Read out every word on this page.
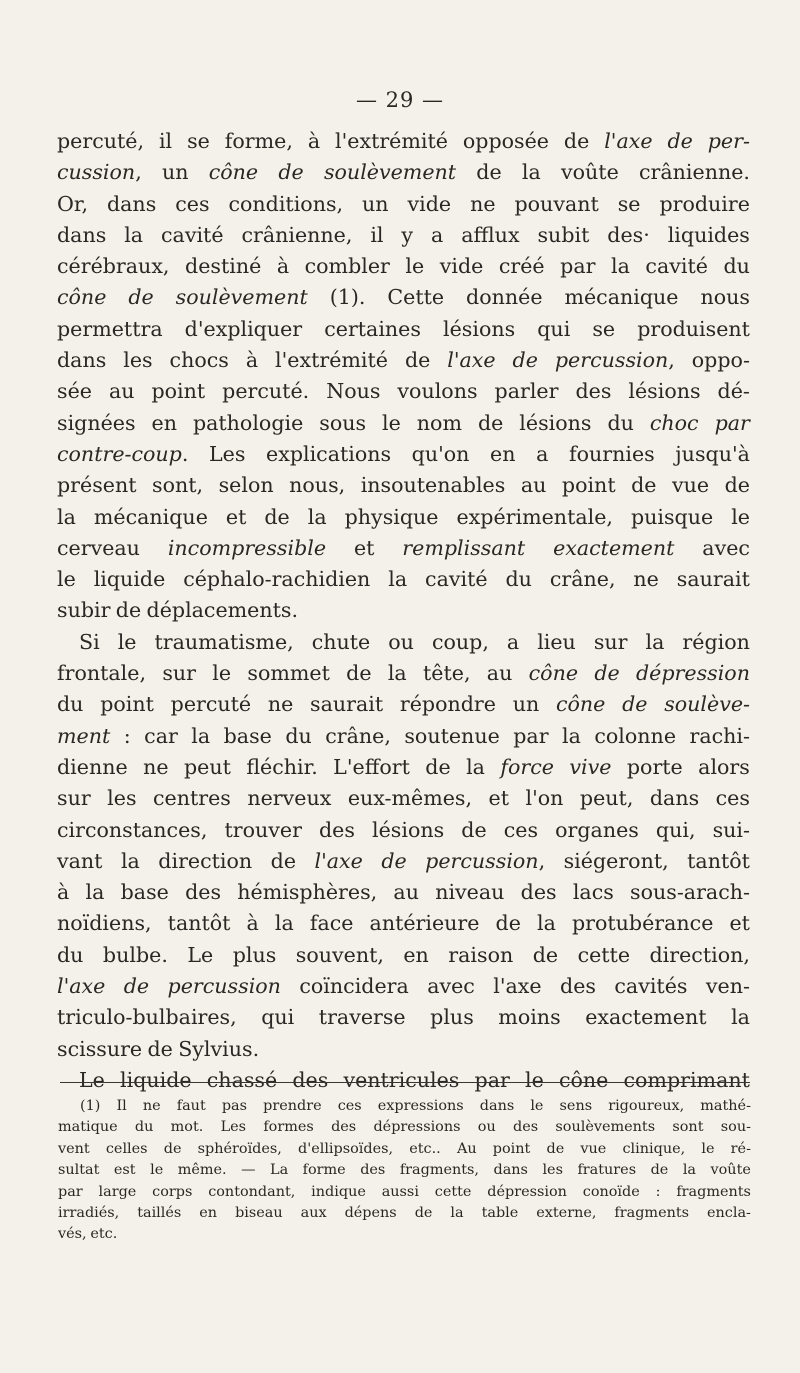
— 29 —
percuté, il se forme, à l'extrémité opposée de l'axe de per-
cussion, un cône de soulèvement de la voûte crânienne.
Or, dans ces conditions, un vide ne pouvant se produire
dans la cavité crânienne, il y a afflux subit des· liquides
cérébraux, destiné à combler le vide créé par la cavité du
cône de soulèvement (1). Cette donnée mécanique nous
permettra d'expliquer certaines lésions qui se produisent
dans les chocs à l'extrémité de l'axe de percussion, oppo-
sée au point percuté. Nous voulons parler des lésions dé-
signées en pathologie sous le nom de lésions du choc par
contre-coup. Les explications qu'on en a fournies jusqu'à
présent sont, selon nous, insoutenables au point de vue de
la mécanique et de la physique expérimentale, puisque le
cerveau incompressible et remplissant exactement avec
le liquide céphalo-rachidien la cavité du crâne, ne saurait
subir de déplacements.
Si le traumatisme, chute ou coup, a lieu sur la région
frontale, sur le sommet de la tête, au cône de dépression
du point percuté ne saurait répondre un cône de soulève-
ment : car la base du crâne, soutenue par la colonne rachi-
dienne ne peut fléchir. L'effort de la force vive porte alors
sur les centres nerveux eux-mêmes, et l'on peut, dans ces
circonstances, trouver des lésions de ces organes qui, sui-
vant la direction de l'axe de percussion, siégeront, tantôt
à la base des hémisphères, au niveau des lacs sous-arach-
noïdiens, tantôt à la face antérieure de la protubérance et
du bulbe. Le plus souvent, en raison de cette direction,
l'axe de percussion coïncidera avec l'axe des cavités ven-
triculo-bulbaires, qui traverse plus moins exactement la
scissure de Sylvius.
Le liquide chassé des ventricules par le cône comprimant
(1) Il ne faut pas prendre ces expressions dans le sens rigoureux, mathé-
matique du mot. Les formes des dépressions ou des soulèvements sont sou-
vent celles de sphéroïdes, d'ellipsoïdes, etc.. Au point de vue clinique, le ré-
sultat est le même. — La forme des fragments, dans les fratures de la voûte
par large corps contondant, indique aussi cette dépression conoïde : fragments
irradiés, taillés en biseau aux dépens de la table externe, fragments encla-
vés, etc.
